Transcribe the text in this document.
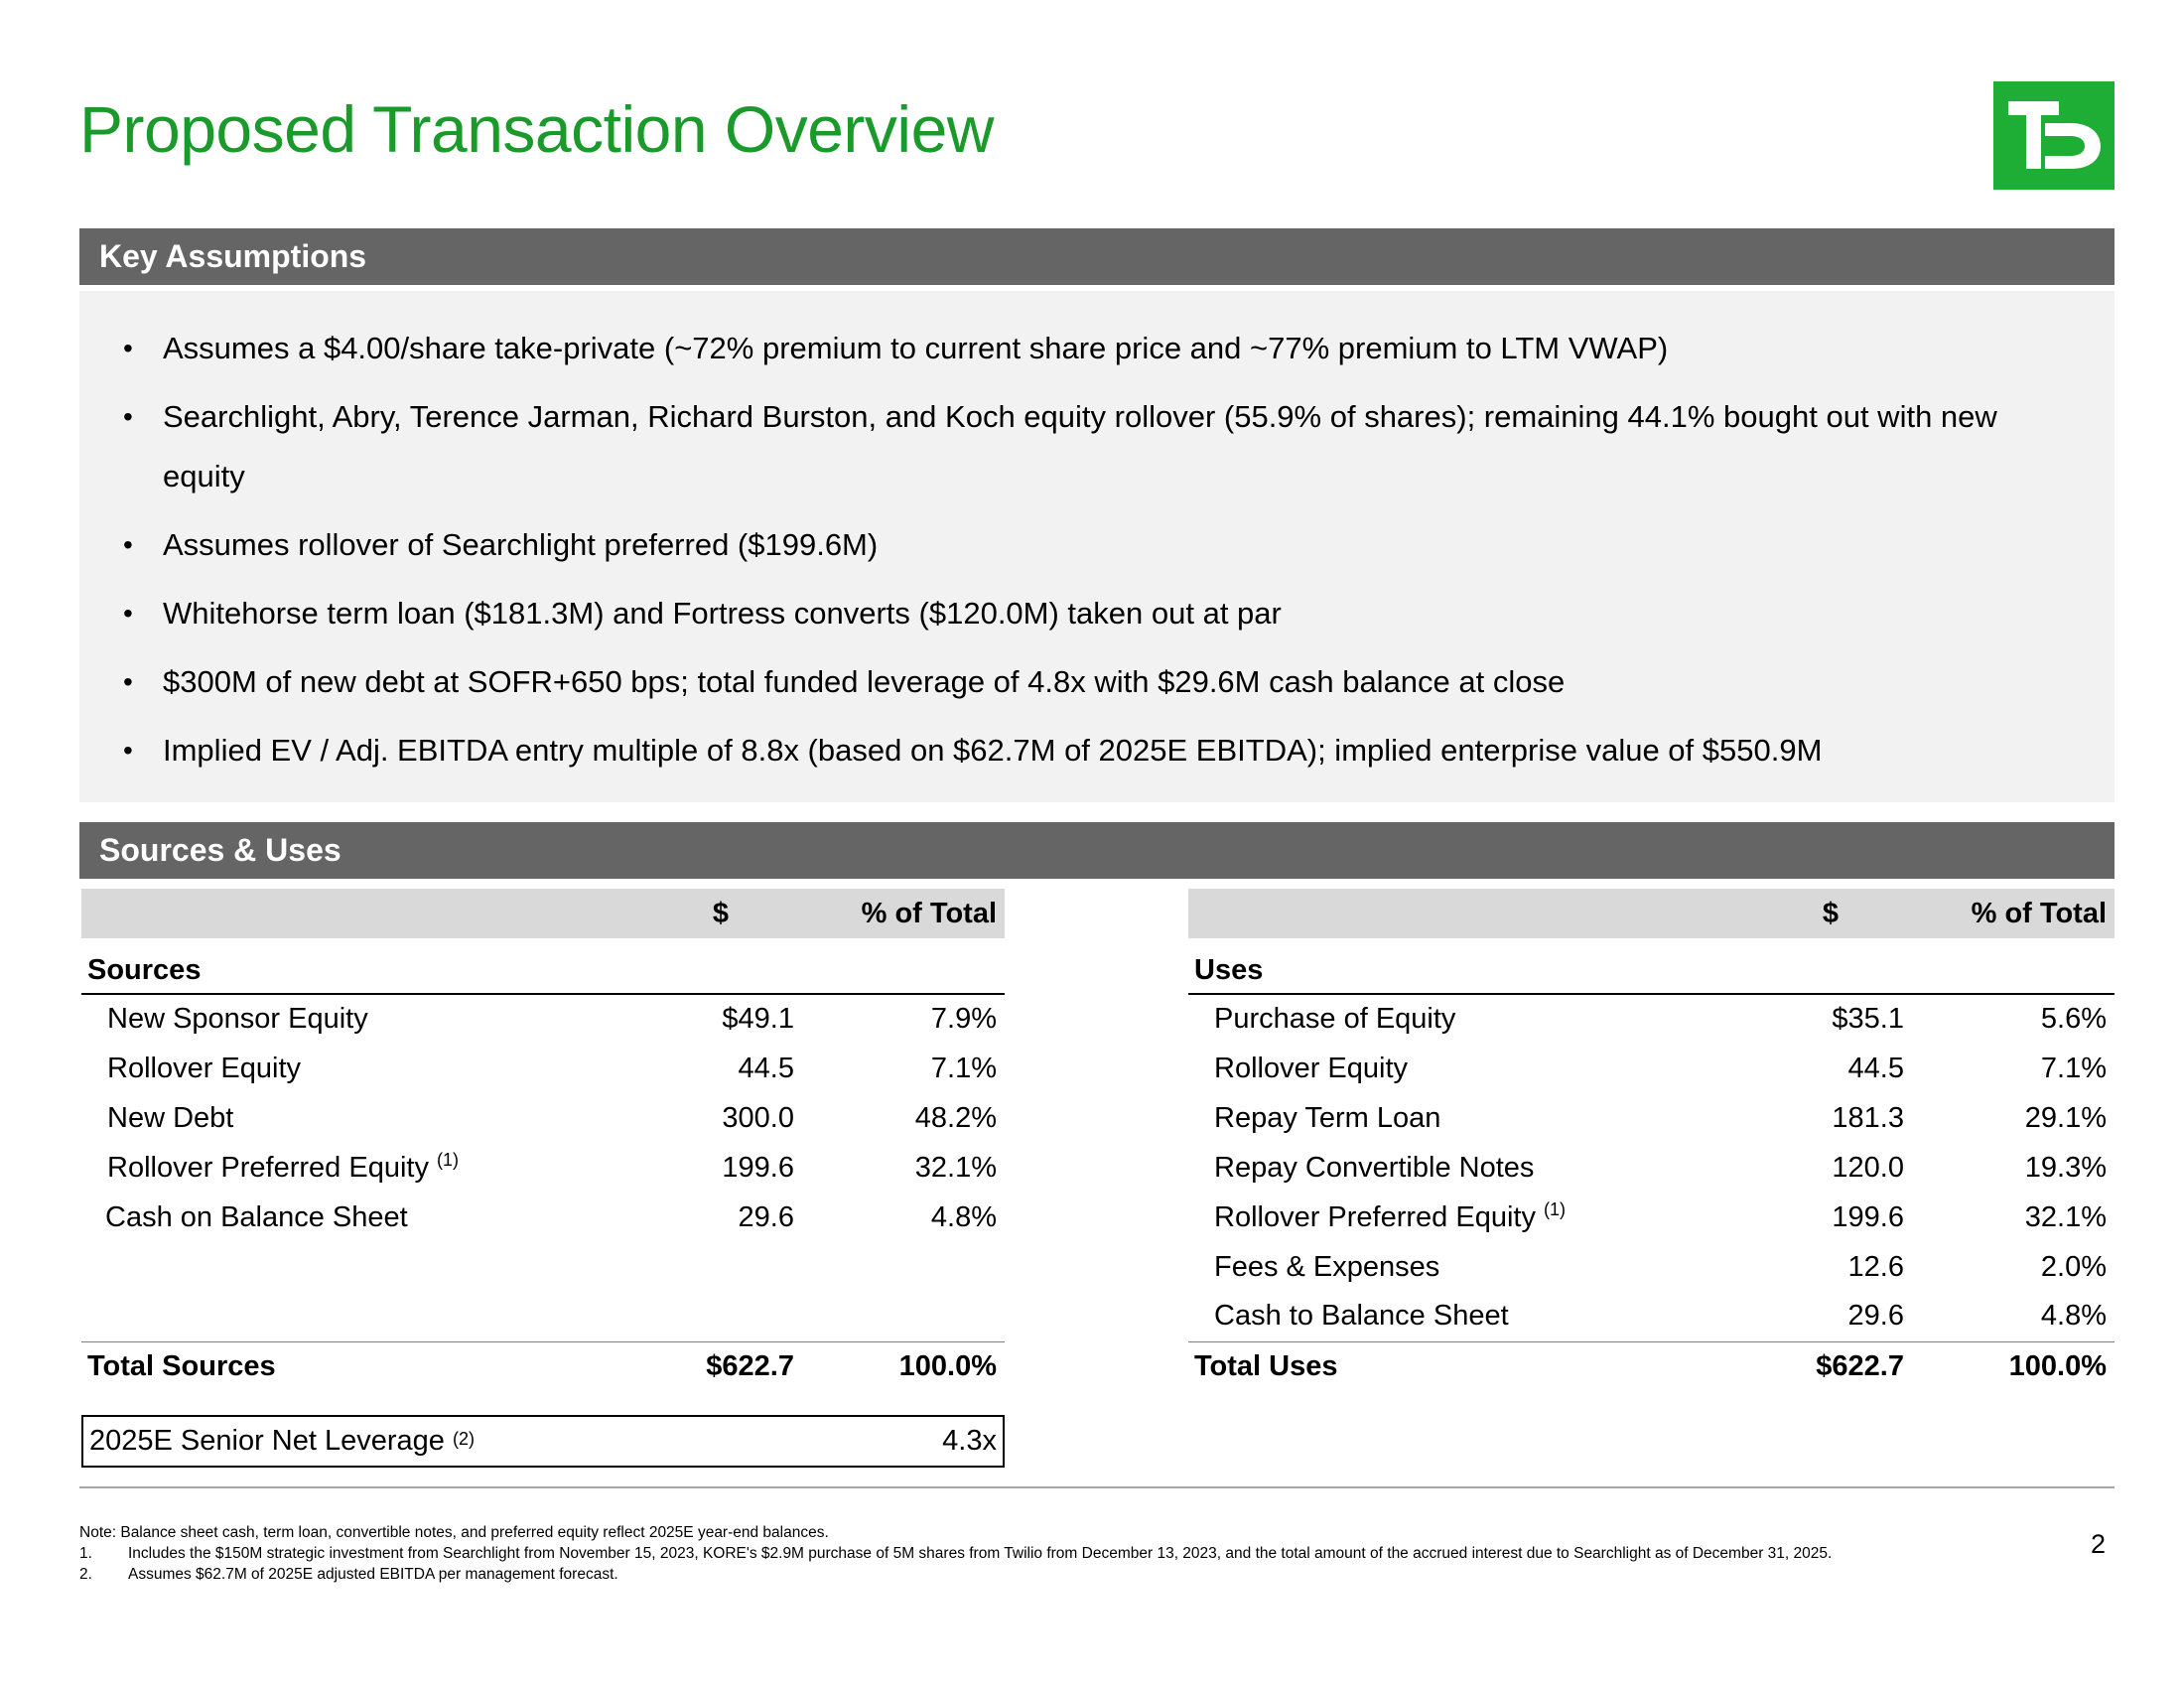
Proposed Transaction Overview
Key Assumptions
• Assumes a $4.00/share take-private (~72% premium to current share price and ~77% premium to LTM VWAP)
• Searchlight, Abry, Terence Jarman, Richard Burston, and Koch equity rollover (55.9% of shares); remaining 44.1% bought out with new equity
• Assumes rollover of Searchlight preferred ($199.6M)
• Whitehorse term loan ($181.3M) and Fortress converts ($120.0M) taken out at par
• $300M of new debt at SOFR+650 bps; total funded leverage of 4.8x with $29.6M cash balance at close
• Implied EV / Adj. EBITDA entry multiple of 8.8x (based on $62.7M of 2025E EBITDA); implied enterprise value of $550.9M
Sources & Uses
	$	% of Total
Sources		
New Sponsor Equity	$49.1	7.9%
Rollover Equity	44.5	7.1%
New Debt	300.0	48.2%
Rollover Preferred Equity $^{(1)}$	199.6	32.1%
Cash on Balance Sheet	29.6	4.8%

Total Sources	$622.7	100.0%
	$	% of Total
Uses		
Purchase of Equity	$35.1	5.6%
Rollover Equity	44.5	7.1%
Repay Term Loan	181.3	29.1%
Repay Convertible Notes	120.0	19.3%
Rollover Preferred Equity $^{(1)}$	199.6	32.1%
Fees & Expenses	12.6	2.0%
Cash to Balance Sheet	29.6	4.8%
Total Uses	$622.7	100.0%
2025E Senior Net Leverage $^{(2)}$	4.3x
Note: Balance sheet cash, term loan, convertible notes, and preferred equity reflect 2025E year-end balances.
1. Includes the $150M strategic investment from Searchlight from November 15, 2023, KORE's $2.9M purchase of 5M shares from Twilio from December 13, 2023, and the total amount of the accrued interest due to Searchlight as of December 31, 2025.
2. Assumes $62.7M of 2025E adjusted EBITDA per management forecast.
2
